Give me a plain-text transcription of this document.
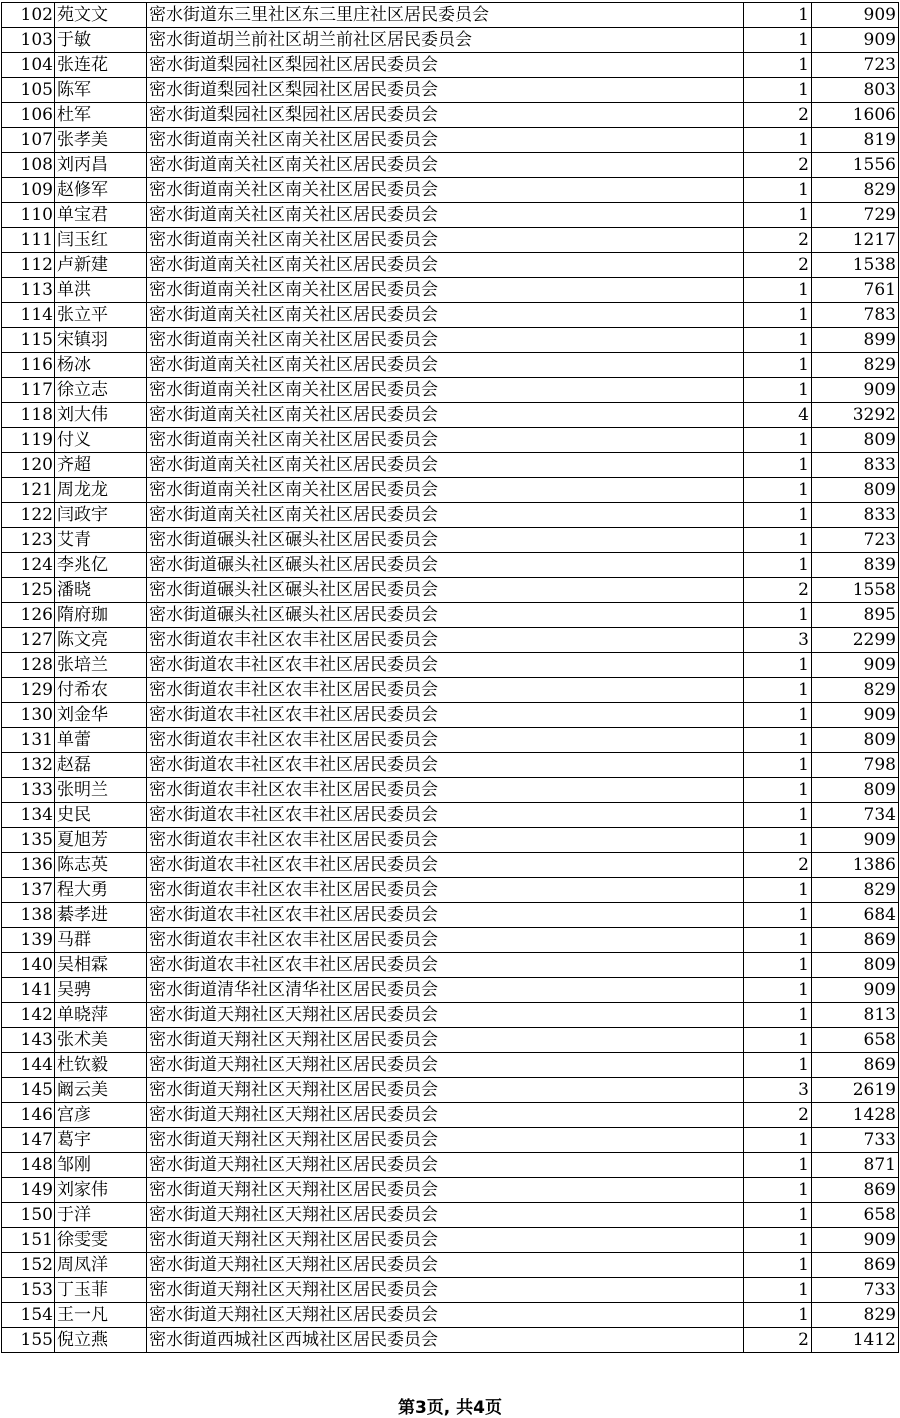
102	苑文文	密水街道东三里社区东三里庄社区居民委员会	1	909
103	于敏	密水街道胡兰前社区胡兰前社区居民委员会	1	909
104	张连花	密水街道梨园社区梨园社区居民委员会	1	723
105	陈军	密水街道梨园社区梨园社区居民委员会	1	803
106	杜军	密水街道梨园社区梨园社区居民委员会	2	1606
107	张孝美	密水街道南关社区南关社区居民委员会	1	819
108	刘丙昌	密水街道南关社区南关社区居民委员会	2	1556
109	赵修军	密水街道南关社区南关社区居民委员会	1	829
110	单宝君	密水街道南关社区南关社区居民委员会	1	729
111	闫玉红	密水街道南关社区南关社区居民委员会	2	1217
112	卢新建	密水街道南关社区南关社区居民委员会	2	1538
113	单洪	密水街道南关社区南关社区居民委员会	1	761
114	张立平	密水街道南关社区南关社区居民委员会	1	783
115	宋镇羽	密水街道南关社区南关社区居民委员会	1	899
116	杨冰	密水街道南关社区南关社区居民委员会	1	829
117	徐立志	密水街道南关社区南关社区居民委员会	1	909
118	刘大伟	密水街道南关社区南关社区居民委员会	4	3292
119	付义	密水街道南关社区南关社区居民委员会	1	809
120	齐超	密水街道南关社区南关社区居民委员会	1	833
121	周龙龙	密水街道南关社区南关社区居民委员会	1	809
122	闫政宇	密水街道南关社区南关社区居民委员会	1	833
123	艾青	密水街道碾头社区碾头社区居民委员会	1	723
124	李兆亿	密水街道碾头社区碾头社区居民委员会	1	839
125	潘晓	密水街道碾头社区碾头社区居民委员会	2	1558
126	隋府珈	密水街道碾头社区碾头社区居民委员会	1	895
127	陈文亮	密水街道农丰社区农丰社区居民委员会	3	2299
128	张培兰	密水街道农丰社区农丰社区居民委员会	1	909
129	付希农	密水街道农丰社区农丰社区居民委员会	1	829
130	刘金华	密水街道农丰社区农丰社区居民委员会	1	909
131	单蕾	密水街道农丰社区农丰社区居民委员会	1	809
132	赵磊	密水街道农丰社区农丰社区居民委员会	1	798
133	张明兰	密水街道农丰社区农丰社区居民委员会	1	809
134	史民	密水街道农丰社区农丰社区居民委员会	1	734
135	夏旭芳	密水街道农丰社区农丰社区居民委员会	1	909
136	陈志英	密水街道农丰社区农丰社区居民委员会	2	1386
137	程大勇	密水街道农丰社区农丰社区居民委员会	1	829
138	綦孝进	密水街道农丰社区农丰社区居民委员会	1	684
139	马群	密水街道农丰社区农丰社区居民委员会	1	869
140	吴相霖	密水街道农丰社区农丰社区居民委员会	1	809
141	吴骋	密水街道清华社区清华社区居民委员会	1	909
142	单晓萍	密水街道天翔社区天翔社区居民委员会	1	813
143	张术美	密水街道天翔社区天翔社区居民委员会	1	658
144	杜钦毅	密水街道天翔社区天翔社区居民委员会	1	869
145	阚云美	密水街道天翔社区天翔社区居民委员会	3	2619
146	宫彦	密水街道天翔社区天翔社区居民委员会	2	1428
147	葛宇	密水街道天翔社区天翔社区居民委员会	1	733
148	邹刚	密水街道天翔社区天翔社区居民委员会	1	871
149	刘家伟	密水街道天翔社区天翔社区居民委员会	1	869
150	于洋	密水街道天翔社区天翔社区居民委员会	1	658
151	徐雯雯	密水街道天翔社区天翔社区居民委员会	1	909
152	周凤洋	密水街道天翔社区天翔社区居民委员会	1	869
153	丁玉菲	密水街道天翔社区天翔社区居民委员会	1	733
154	王一凡	密水街道天翔社区天翔社区居民委员会	1	829
155	倪立燕	密水街道西城社区西城社区居民委员会	2	1412
第3页, 共4页
